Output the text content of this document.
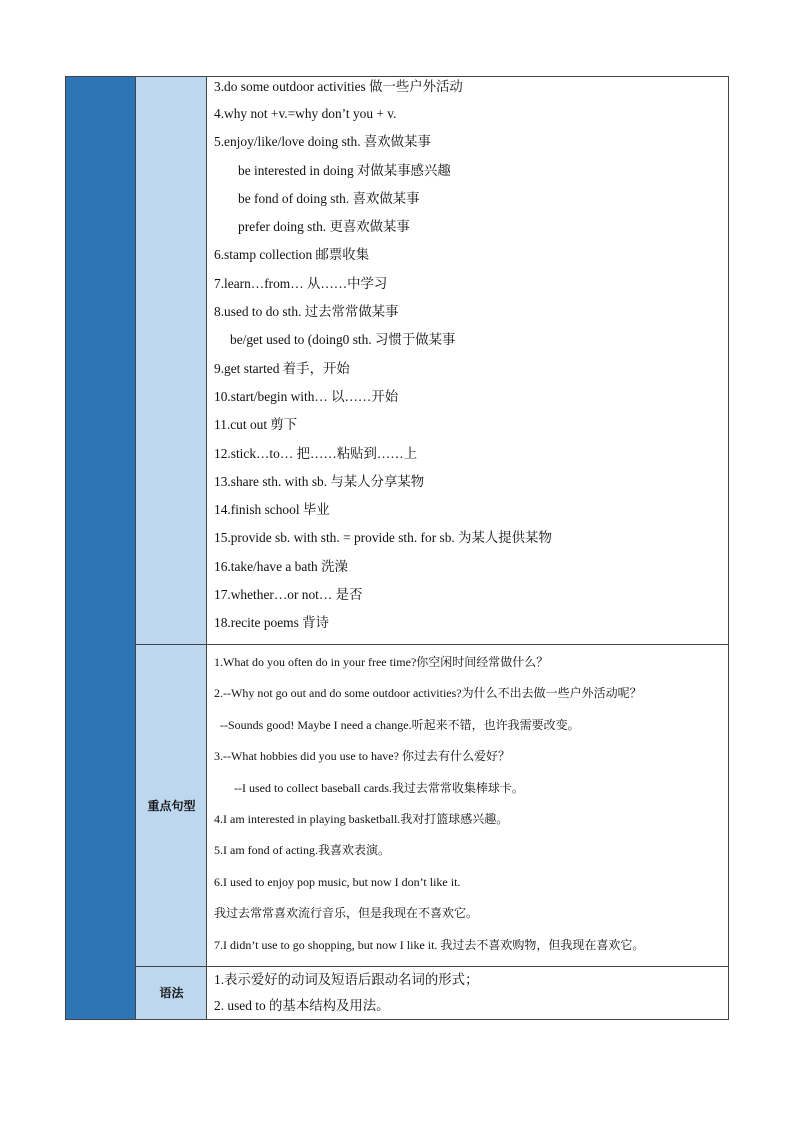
重点句型
语法
3.do some outdoor activities 做一些户外活动
4.why not +v.=why don’t you + v.
5.enjoy/like/love doing sth. 喜欢做某事
be interested in doing 对做某事感兴趣
be fond of doing sth. 喜欢做某事
prefer doing sth. 更喜欢做某事
6.stamp collection 邮票收集
7.learn…from… 从……中学习
8.used to do sth. 过去常常做某事
be/get used to (doing0 sth. 习惯于做某事
9.get started 着手，开始
10.start/begin with… 以……开始
11.cut out 剪下
12.stick…to… 把……粘贴到……上
13.share sth. with sb. 与某人分享某物
14.finish school 毕业
15.provide sb. with sth. = provide sth. for sb. 为某人提供某物
16.take/have a bath 洗澡
17.whether…or not… 是否
18.recite poems 背诗
1.What do you often do in your free time?你空闲时间经常做什么？
2.--Why not go out and do some outdoor activities?为什么不出去做一些户外活动呢？
--Sounds good! Maybe I need a change.听起来不错，也许我需要改变。
3.--What hobbies did you use to have? 你过去有什么爱好？
--I used to collect baseball cards.我过去常常收集棒球卡。
4.I am interested in playing basketball.我对打篮球感兴趣。
5.I am fond of acting.我喜欢表演。
6.I used to enjoy pop music, but now I don’t like it.
我过去常常喜欢流行音乐，但是我现在不喜欢它。
7.I didn’t use to go shopping, but now I like it. 我过去不喜欢购物，但我现在喜欢它。
1.表示爱好的动词及短语后跟动名词的形式；
2. used to 的基本结构及用法。
